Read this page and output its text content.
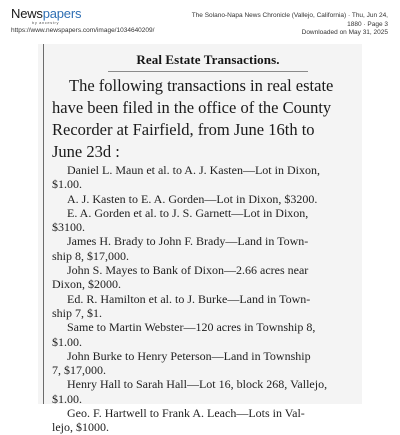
Newspapers
by ancestry
https://www.newspapers.com/image/1034640209/
The Solano-Napa News Chronicle (Vallejo, California) · Thu, Jun 24,
1880 · Page 3
Downloaded on May 31, 2025
Real Estate Transactions.
The following transactions in real estate
have been filed in the office of the County
Recorder at Fairfield, from June 16th to
June 23d :
Daniel L. Maun et al. to A. J. Kasten—Lot in Dixon,
$1.00.
A. J. Kasten to E. A. Gorden—Lot in Dixon, $3200.
E. A. Gorden et al. to J. S. Garnett—Lot in Dixon,
$3100.
James H. Brady to John F. Brady—Land in Town-
ship 8, $17,000.
John S. Mayes to Bank of Dixon—2.66 acres near
Dixon, $2000.
Ed. R. Hamilton et al. to J. Burke—Land in Town-
ship 7, $1.
Same to Martin Webster—120 acres in Township 8,
$1.00.
John Burke to Henry Peterson—Land in Township
7, $17,000.
Henry Hall to Sarah Hall—Lot 16, block 268, Vallejo,
$1.00.
Geo. F. Hartwell to Frank A. Leach—Lots in Val-
lejo, $1000.
